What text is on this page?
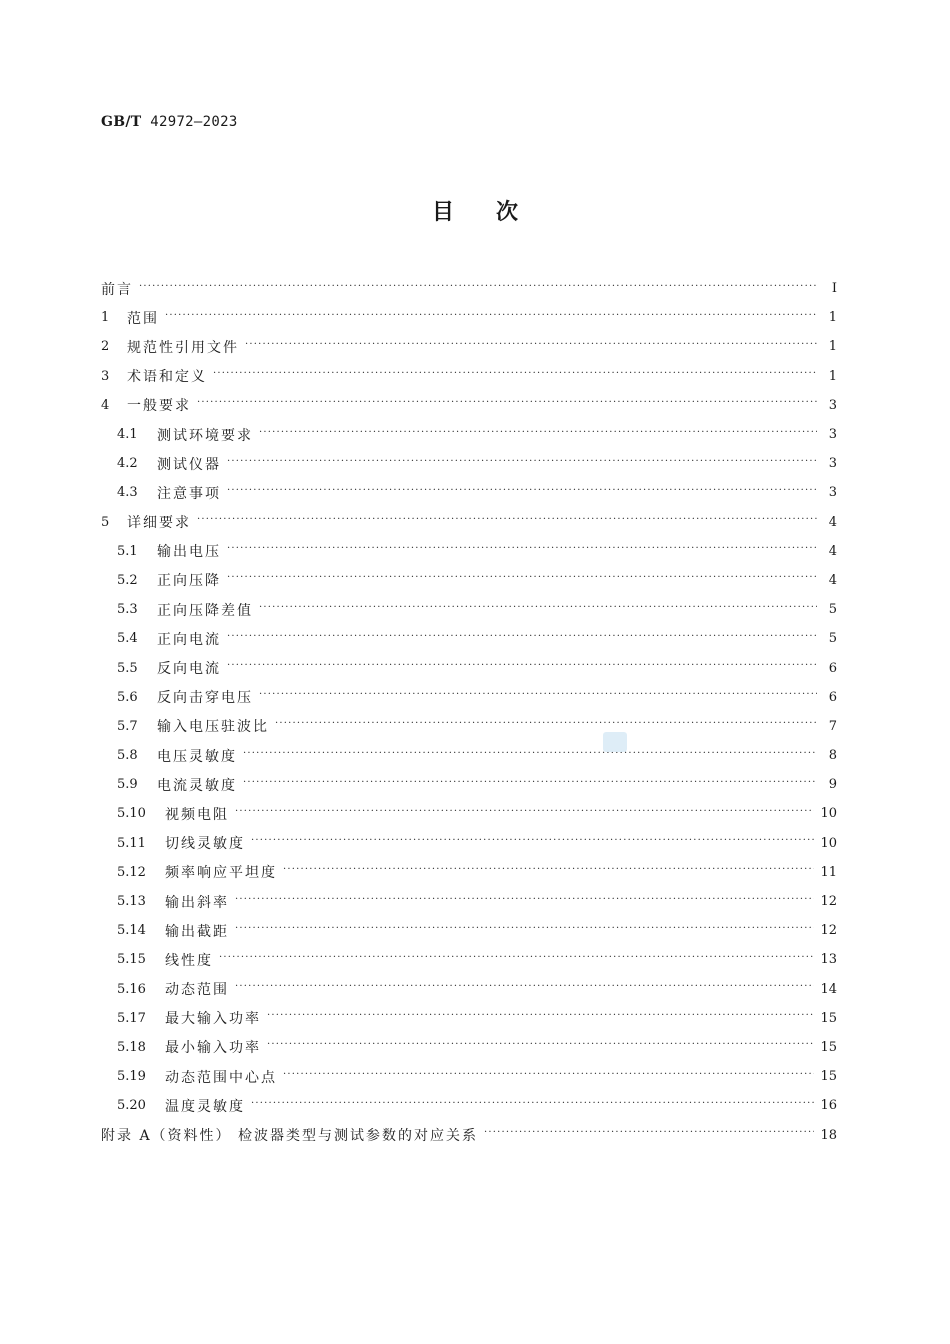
GB/T 42972—2023
目次
前言 ·····	Ⅰ
1	范围 ·····	1
2	规范性引用文件 ·····	1
3	术语和定义 ·····	1
4	一般要求 ·····	3
4.1	测试环境要求 ·····	3
4.2	测试仪器 ·····	3
4.3	注意事项 ·····	3
5	详细要求 ·····	4
5.1	输出电压 ·····	4
5.2	正向压降 ·····	4
5.3	正向压降差值 ·····	5
5.4	正向电流 ·····	5
5.5	反向电流 ·····	6
5.6	反向击穿电压 ·····	6
5.7	输入电压驻波比 ·····	7
5.8	电压灵敏度 ·····	8
5.9	电流灵敏度 ·····	9
5.10	视频电阻 ·····	10
5.11	切线灵敏度 ·····	10
5.12	频率响应平坦度 ·····	11
5.13	输出斜率 ·····	12
5.14	输出截距 ·····	12
5.15	线性度 ·····	13
5.16	动态范围 ·····	14
5.17	最大输入功率 ·····	15
5.18	最小输入功率 ·····	15
5.19	动态范围中心点 ·····	15
5.20	温度灵敏度 ·····	16
附录 A（资料性） 检波器类型与测试参数的对应关系 ·····	18
